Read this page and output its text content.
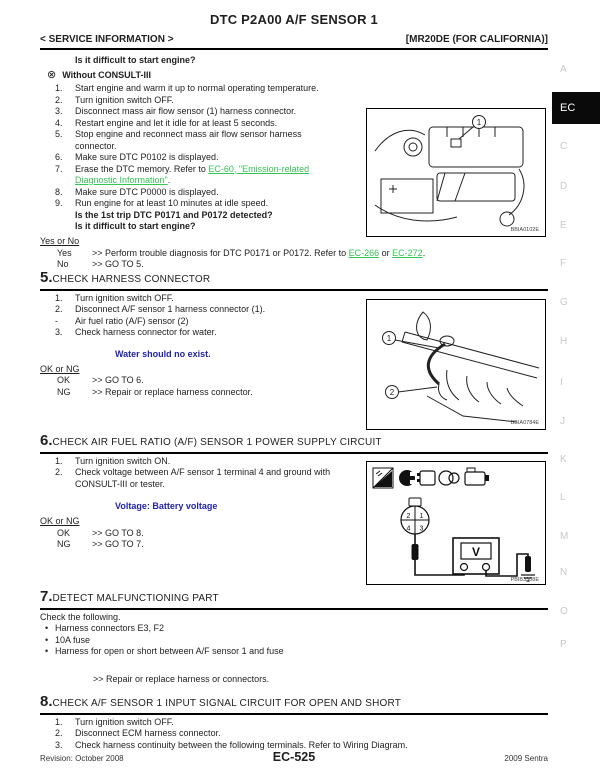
DTC P2A00 A/F SENSOR 1
< SERVICE INFORMATION >	[MR20DE (FOR CALIFORNIA)]
A
EC
C
D
E
F
G
H
I
J
K
L
M
N
O
P
Is it difficult to start engine?
⊗ Without CONSULT-III
1.	Start engine and warm it up to normal operating temperature.
2.	Turn ignition switch OFF.
3.	Disconnect mass air flow sensor (1) harness connector.
4.	Restart engine and let it idle for at least 5 seconds.
5.	Stop engine and reconnect mass air flow sensor harness connector.
6.	Make sure DTC P0102 is displayed.
7.	Erase the DTC memory. Refer to EC-60, "Emission-related Diagnostic Information".
8.	Make sure DTC P0000 is displayed.
9.	Run engine for at least 10 minutes at idle speed.
Is the 1st trip DTC P0171 and P0172 detected?
Is it difficult to start engine?
Yes or No
Yes	>> Perform trouble diagnosis for DTC P0171 or P0172. Refer to EC-266 or EC-272.
No	>> GO TO 5.
5. CHECK HARNESS CONNECTOR
1.	Turn ignition switch OFF.
2.	Disconnect A/F sensor 1 harness connector (1).
-	Air fuel ratio (A/F) sensor (2)
3.	Check harness connector for water.
Water should no exist.
OK or NG
OK	>> GO TO 6.
NG	>> Repair or replace harness connector.
6. CHECK AIR FUEL RATIO (A/F) SENSOR 1 POWER SUPPLY CIRCUIT
1.	Turn ignition switch ON.
2.	Check voltage between A/F sensor 1 terminal 4 and ground with CONSULT-III or tester.
Voltage: Battery voltage
OK or NG
OK	>> GO TO 8.
NG	>> GO TO 7.
7. DETECT MALFUNCTIONING PART
Check the following.
• Harness connectors E3, F2
• 10A fuse
• Harness for open or short between A/F sensor 1 and fuse
>> Repair or replace harness or connectors.
8. CHECK A/F SENSOR 1 INPUT SIGNAL CIRCUIT FOR OPEN AND SHORT
1.	Turn ignition switch OFF.
2.	Disconnect ECM harness connector.
3.	Check harness continuity between the following terminals. Refer to Wiring Diagram.
1
BBIA0102E
1
2
BBIA0784E
2 1
4 3
V
PBIB3308E
Revision: October 2008	EC-525	2009 Sentra
